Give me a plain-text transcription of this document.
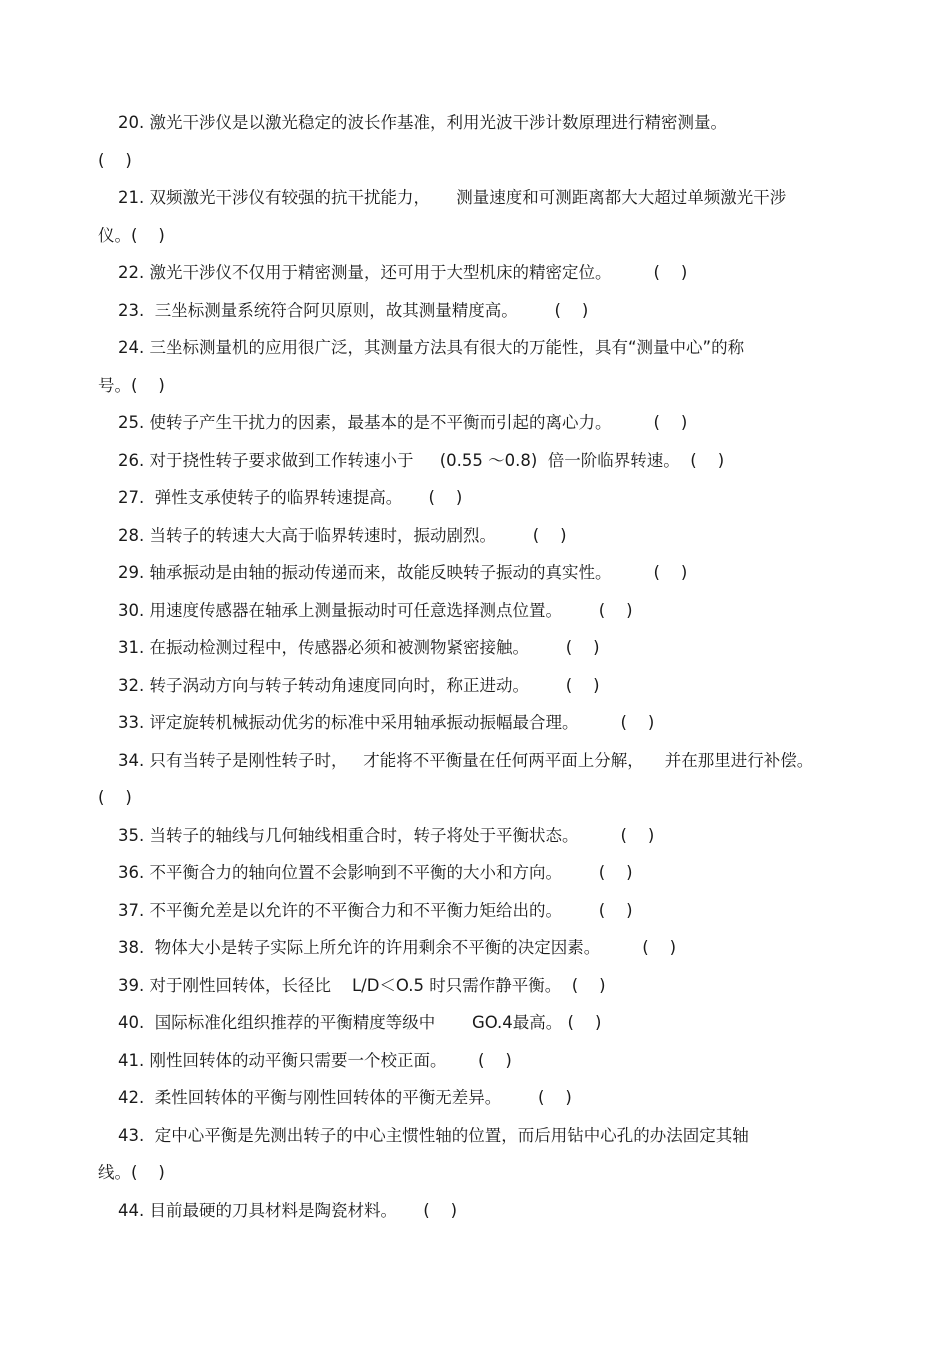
20. 激光干涉仪是以激光稳定的波长作基准，利用光波干涉计数原理进行精密测量。
(    )
21. 双频激光干涉仪有较强的抗干扰能力，     测量速度和可测距离都大大超过单频激光干涉
仪。(    )
22. 激光干涉仪不仅用于精密测量，还可用于大型机床的精密定位。        (    )
23.  三坐标测量系统符合阿贝原则，故其测量精度高。       (    )
24. 三坐标测量机的应用很广泛，其测量方法具有很大的万能性，具有“测量中心”的称
号。(    )
25. 使转子产生干扰力的因素，最基本的是不平衡而引起的离心力。        (    )
26. 对于挠性转子要求做到工作转速小于     (0.55 ～0.8)  倍一阶临界转速。  (    )
27.  弹性支承使转子的临界转速提高。     (    )
28. 当转子的转速大大高于临界转速时，振动剧烈。       (    )
29. 轴承振动是由轴的振动传递而来，故能反映转子振动的真实性。        (    )
30. 用速度传感器在轴承上测量振动时可任意选择测点位置。       (    )
31. 在振动检测过程中，传感器必须和被测物紧密接触。       (    )
32. 转子涡动方向与转子转动角速度同向时，称正进动。       (    )
33. 评定旋转机械振动优劣的标准中采用轴承振动振幅最合理。        (    )
34. 只有当转子是刚性转子时，   才能将不平衡量在任何两平面上分解，    并在那里进行补偿。
(    )
35. 当转子的轴线与几何轴线相重合时，转子将处于平衡状态。        (    )
36. 不平衡合力的轴向位置不会影响到不平衡的大小和方向。       (    )
37. 不平衡允差是以允许的不平衡合力和不平衡力矩给出的。       (    )
38.  物体大小是转子实际上所允许的许用剩余不平衡的决定因素。        (    )
39. 对于刚性回转体，长径比    L/D＜O.5 时只需作静平衡。  (    )
40.  国际标准化组织推荐的平衡精度等级中       GO.4最高。 (    )
41. 刚性回转体的动平衡只需要一个校正面。      (    )
42.  柔性回转体的平衡与刚性回转体的平衡无差异。       (    )
43.  定中心平衡是先测出转子的中心主惯性轴的位置，而后用钻中心孔的办法固定其轴
线。(    )
44. 目前最硬的刀具材料是陶瓷材料。     (    )
